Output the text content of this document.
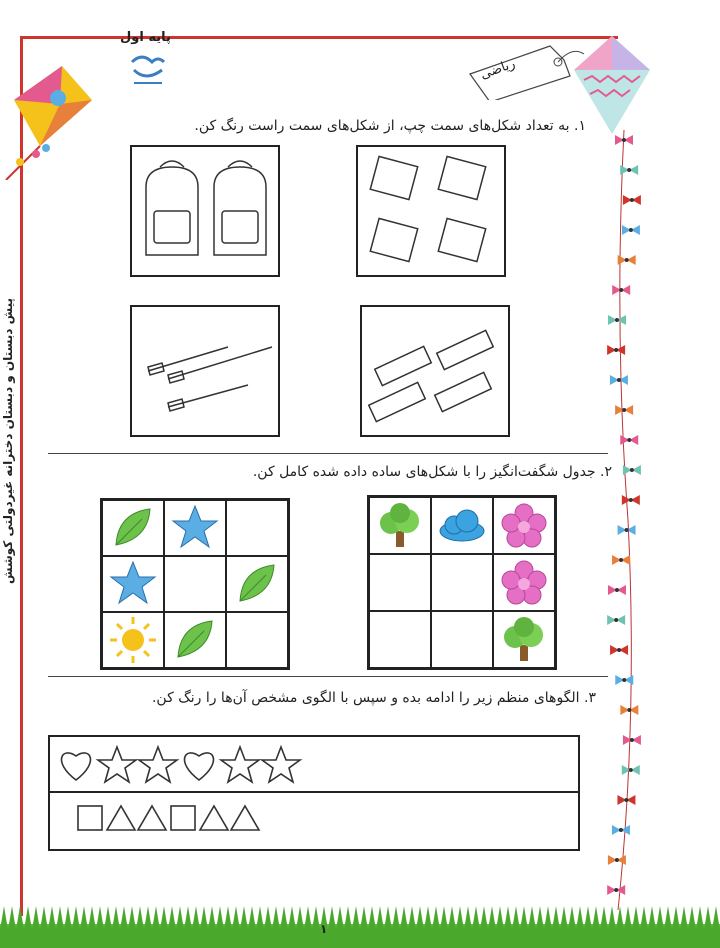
پایه اول
ریاضی
پیش دبستان و دبستان دخترانه غیردولتی کوشش
۱. به تعداد شکل‌های سمت چپ، از شکل‌های سمت راست رنگ کن.
۲. جدول شگفت‌انگیز را با شکل‌های ساده داده شده کامل کن.
۳. الگوهای منظم زیر را ادامه بده و سپس با الگوی مشخص آن‌ها را رنگ کن.
۱
